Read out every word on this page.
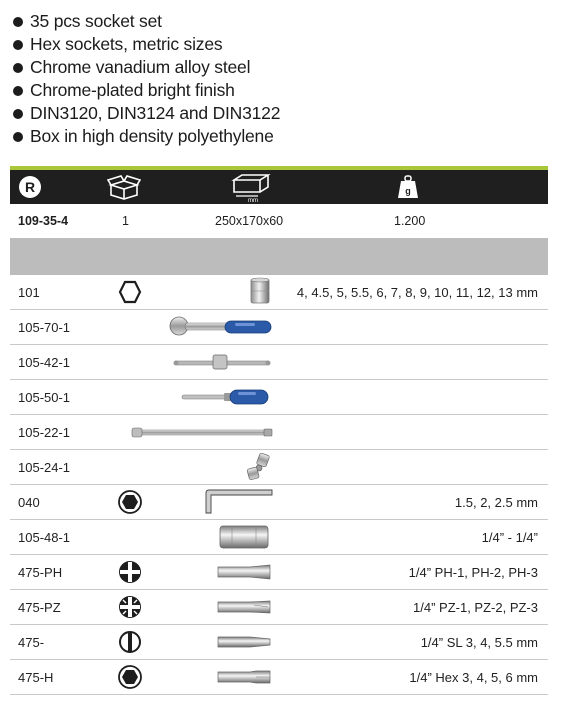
35 pcs socket set
Hex sockets, metric sizes
Chrome vanadium alloy steel
Chrome-plated bright finish
DIN3120, DIN3124 and DIN3122
Box in high density polyethylene
R
mm
g
109-35-4	1	250x170x60	1.200
101	4, 4.5, 5, 5.5, 6, 7, 8, 9, 10, 11, 12, 13 mm
105-70-1
105-42-1
105-50-1
105-22-1
105-24-1
040	1.5, 2, 2.5 mm
105-48-1	1/4” - 1/4”
475-PH	1/4” PH-1, PH-2, PH-3
475-PZ	1/4” PZ-1, PZ-2, PZ-3
475-	1/4” SL 3, 4, 5.5 mm
475-H	1/4” Hex 3, 4, 5, 6 mm
